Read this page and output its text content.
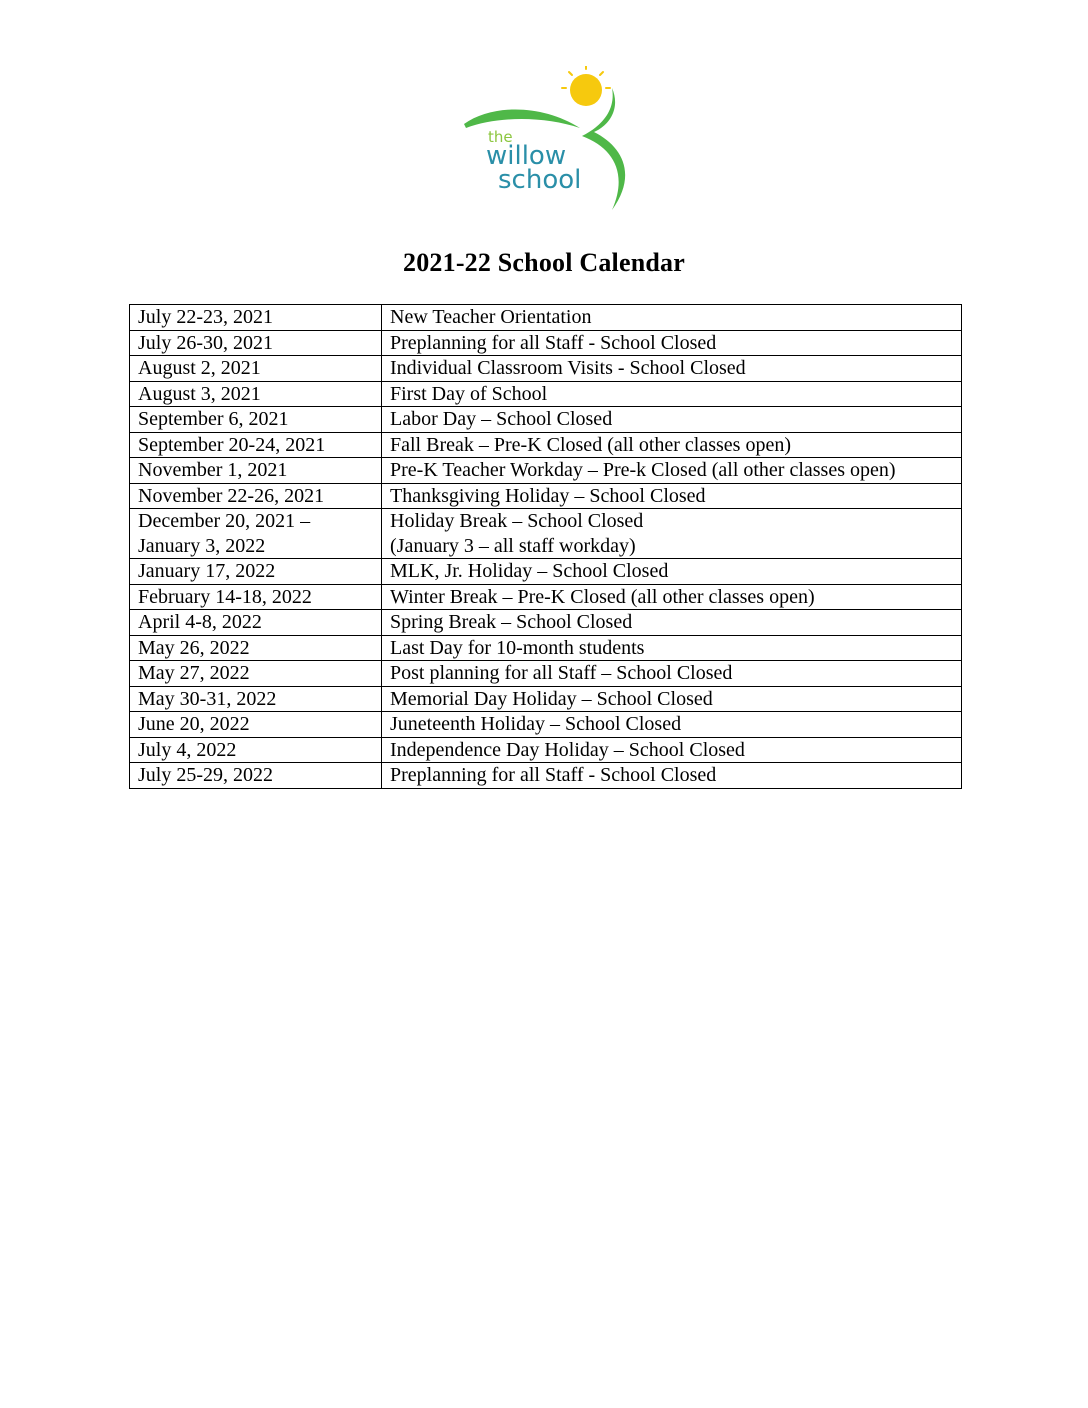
the
willow
school
2021-22 School Calendar
July 22-23, 2021	New Teacher Orientation

July 26-30, 2021	Preplanning for all Staff - School Closed

August 2, 2021	Individual Classroom Visits - School Closed

August 3, 2021	First Day of School

September 6, 2021	Labor Day – School Closed

September 20-24, 2021	Fall Break – Pre-K Closed (all other classes open)

November 1, 2021	Pre-K Teacher Workday – Pre-k Closed (all other classes open)

November 22-26, 2021	Thanksgiving Holiday – School Closed

December 20, 2021 –
January 3, 2022	Holiday Break – School Closed
(January 3 – all staff workday)

January 17, 2022	MLK, Jr. Holiday – School Closed

February 14-18, 2022	Winter Break – Pre-K Closed (all other classes open)

April 4-8, 2022	Spring Break – School Closed

May 26, 2022	Last Day for 10-month students

May 27, 2022	Post planning for all Staff – School Closed

May 30-31, 2022	Memorial Day Holiday – School Closed

June 20, 2022	Juneteenth Holiday – School Closed

July 4, 2022	Independence Day Holiday – School Closed

July 25-29, 2022	Preplanning for all Staff - School Closed
